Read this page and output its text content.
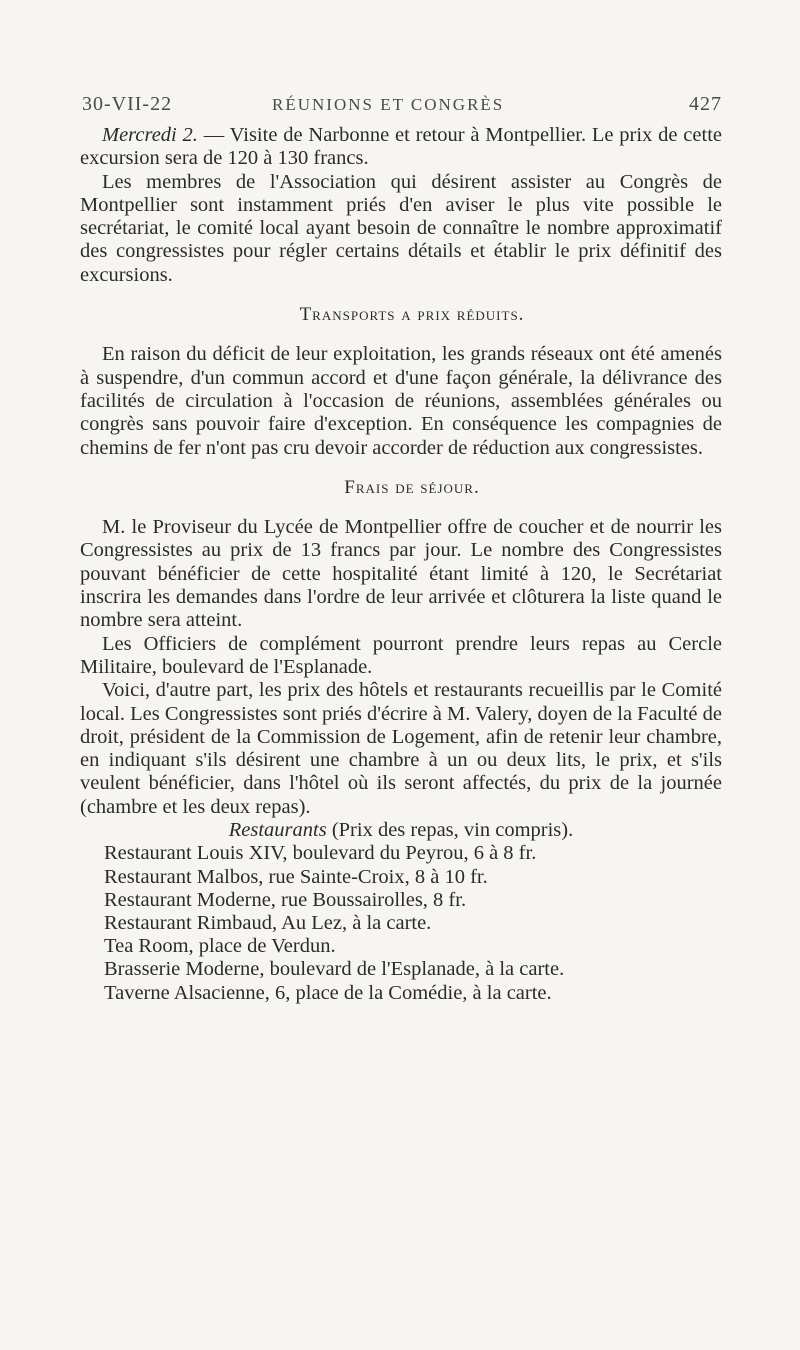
30-VII-22	RÉUNIONS ET CONGRÈS	427

Mercredi 2. — Visite de Narbonne et retour à Montpellier. Le prix de cette excursion sera de 120 à 130 francs.

Les membres de l'Association qui désirent assister au Congrès de Montpellier sont instamment priés d'en aviser le plus vite possible le secrétariat, le comité local ayant besoin de connaître le nombre approximatif des congressistes pour régler certains détails et établir le prix définitif des excursions.

Transports a prix réduits.

En raison du déficit de leur exploitation, les grands réseaux ont été amenés à suspendre, d'un commun accord et d'une façon générale, la délivrance des facilités de circulation à l'occasion de réunions, assemblées générales ou congrès sans pouvoir faire d'exception. En conséquence les compagnies de chemins de fer n'ont pas cru devoir accorder de réduction aux congressistes.

Frais de séjour.

M. le Proviseur du Lycée de Montpellier offre de coucher et de nourrir les Congressistes au prix de 13 francs par jour. Le nombre des Congressistes pouvant bénéficier de cette hospitalité étant limité à 120, le Secrétariat inscrira les demandes dans l'ordre de leur arrivée et clôturera la liste quand le nombre sera atteint.

Les Officiers de complément pourront prendre leurs repas au Cercle Militaire, boulevard de l'Esplanade.

Voici, d'autre part, les prix des hôtels et restaurants recueillis par le Comité local. Les Congressistes sont priés d'écrire à M. Valery, doyen de la Faculté de droit, président de la Commission de Logement, afin de retenir leur chambre, en indiquant s'ils désirent une chambre à un ou deux lits, le prix, et s'ils veulent bénéficier, dans l'hôtel où ils seront affectés, du prix de la journée (chambre et les deux repas).

Restaurants (Prix des repas, vin compris).

Restaurant Louis XIV, boulevard du Peyrou, 6 à 8 fr.
Restaurant Malbos, rue Sainte-Croix, 8 à 10 fr.
Restaurant Moderne, rue Boussairolles, 8 fr.
Restaurant Rimbaud, Au Lez, à la carte.
Tea Room, place de Verdun.
Brasserie Moderne, boulevard de l'Esplanade, à la carte.
Taverne Alsacienne, 6, place de la Comédie, à la carte.
